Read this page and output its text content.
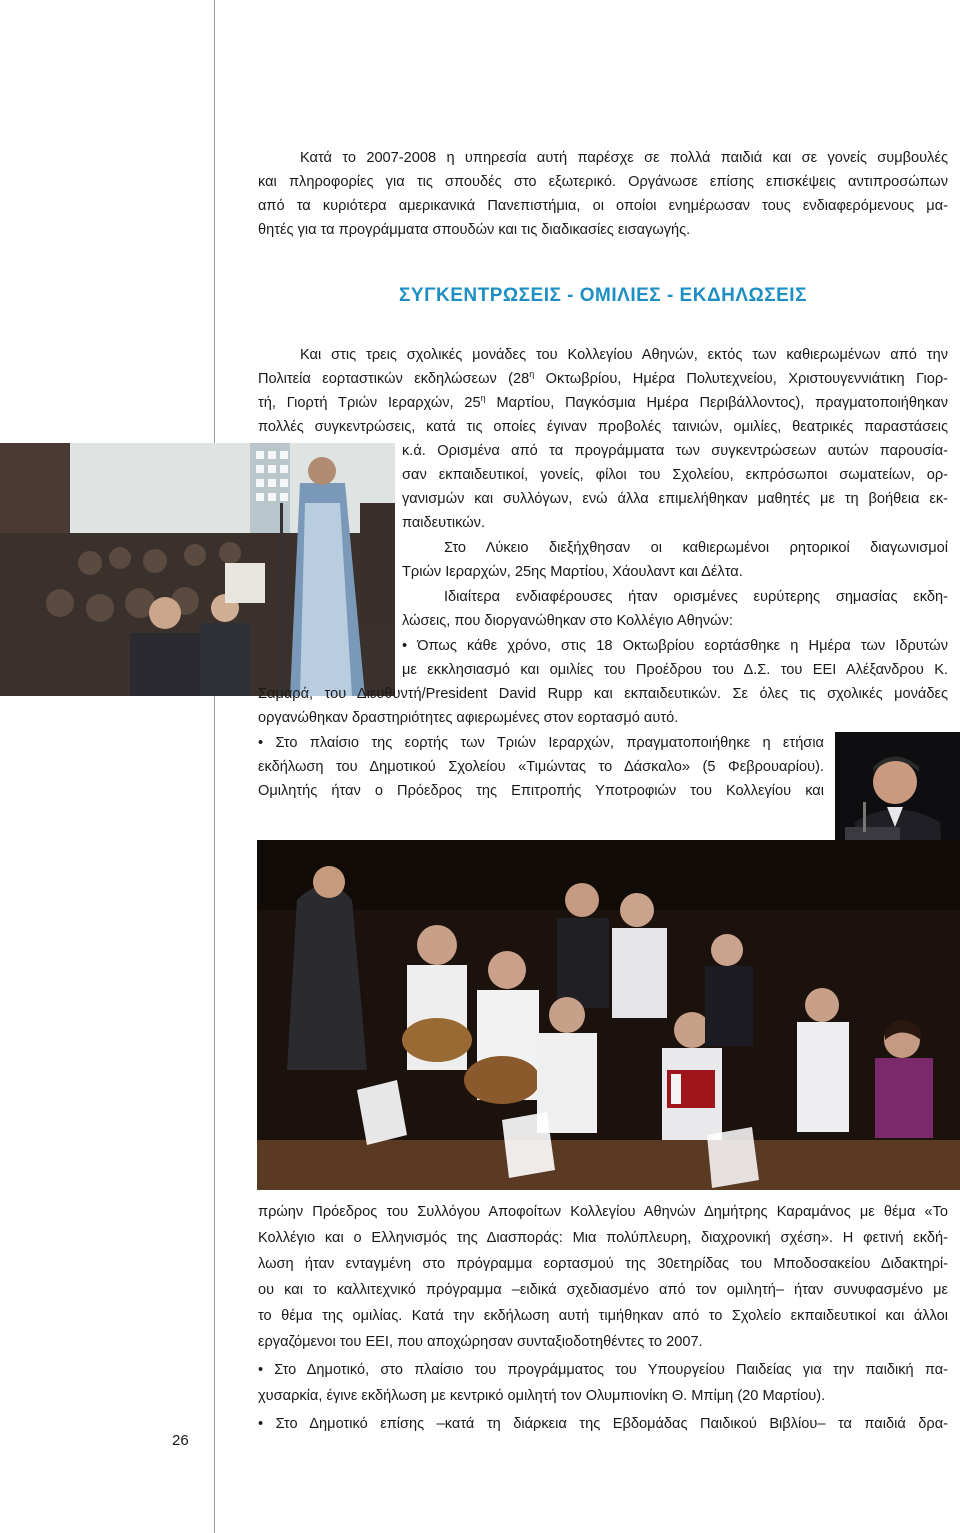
Κατά το 2007-2008 η υπηρεσία αυτή παρέσχε σε πολλά παιδιά και σε γονείς συμβουλές
και πληροφορίες για τις σπουδές στο εξωτερικό. Οργάνωσε επίσης επισκέψεις αντιπροσώπων
από τα κυριότερα αμερικανικά Πανεπιστήμια, οι οποίοι ενημέρωσαν τους ενδιαφερόμενους μα-
θητές για τα προγράμματα σπουδών και τις διαδικασίες εισαγωγής.
ΣΥΓΚΕΝΤΡΩΣΕΙΣ - ΟΜΙΛΙΕΣ - ΕΚΔΗΛΩΣΕΙΣ
Και στις τρεις σχολικές μονάδες του Κολλεγίου Αθηνών, εκτός των καθιερωμένων από την
Πολιτεία εορταστικών εκδηλώσεων ($28^\eta$ Οκτωβρίου, Ημέρα Πολυτεχνείου, Χριστουγεννιάτικη Γιορ-
τή, Γιορτή Τριών Ιεραρχών, $25^\eta$ Μαρτίου, Παγκόσμια Ημέρα Περιβάλλοντος), πραγματοποιήθηκαν
πολλές συγκεντρώσεις, κατά τις οποίες έγιναν προβολές ταινιών, ομιλίες, θεατρικές παραστάσεις
κ.ά. Ορισμένα από τα προγράμματα των συγκεντρώσεων αυτών παρουσία-
σαν εκπαιδευτικοί, γονείς, φίλοι του Σχολείου, εκπρόσωποι σωματείων, ορ-
γανισμών και συλλόγων, ενώ άλλα επιμελήθηκαν μαθητές με τη βοήθεια εκ-
παιδευτικών.
Στο Λύκειο διεξήχθησαν οι καθιερωμένοι ρητορικοί διαγωνισμοί
Τριών Ιεραρχών, 25ης Μαρτίου, Χάουλαντ και Δέλτα.
Ιδιαίτερα ενδιαφέρουσες ήταν ορισμένες ευρύτερης σημασίας εκδη-
λώσεις, που διοργανώθηκαν στο Κολλέγιο Αθηνών:
• Όπως κάθε χρόνο, στις 18 Οκτωβρίου εορτάσθηκε η Ημέρα των Ιδρυτών
με εκκλησιασμό και ομιλίες του Προέδρου του Δ.Σ. του ΕΕΙ Αλέξανδρου Κ.
Σαμαρά, του Διευθυντή/President David Rupp και εκπαιδευτικών. Σε όλες τις σχολικές μονάδες
οργανώθηκαν δραστηριότητες αφιερωμένες στον εορτασμό αυτό.
• Στο πλαίσιο της εορτής των Τριών Ιεραρχών, πραγματοποιήθηκε η ετήσια
εκδήλωση του Δημοτικού Σχολείου «Τιμώντας το Δάσκαλο» (5 Φεβρουαρίου).
Ομιλητής ήταν ο Πρόεδρος της Επιτροπής Υποτροφιών του Κολλεγίου και
πρώην Πρόεδρος του Συλλόγου Αποφοίτων Κολλεγίου Αθηνών Δημήτρης Καραμάνος με θέμα «Το
Κολλέγιο και ο Ελληνισμός της Διασποράς: Μια πολύπλευρη, διαχρονική σχέση». Η φετινή εκδή-
λωση ήταν ενταγμένη στο πρόγραμμα εορτασμού της 30ετηρίδας του Μποδοσακείου Διδακτηρί-
ου και το καλλιτεχνικό πρόγραμμα –ειδικά σχεδιασμένο από τον ομιλητή– ήταν συνυφασμένο με
το θέμα της ομιλίας. Κατά την εκδήλωση αυτή τιμήθηκαν από το Σχολείο εκπαιδευτικοί και άλλοι
εργαζόμενοι του ΕΕΙ, που αποχώρησαν συνταξιοδοτηθέντες το 2007.
• Στο Δημοτικό, στο πλαίσιο του προγράμματος του Υπουργείου Παιδείας για την παιδική πα-
χυσαρκία, έγινε εκδήλωση με κεντρικό ομιλητή τον Ολυμπιονίκη Θ. Μπίμη (20 Μαρτίου).
• Στο Δημοτικό επίσης –κατά τη διάρκεια της Εβδομάδας Παιδικού Βιβλίου– τα παιδιά δρα-
26
